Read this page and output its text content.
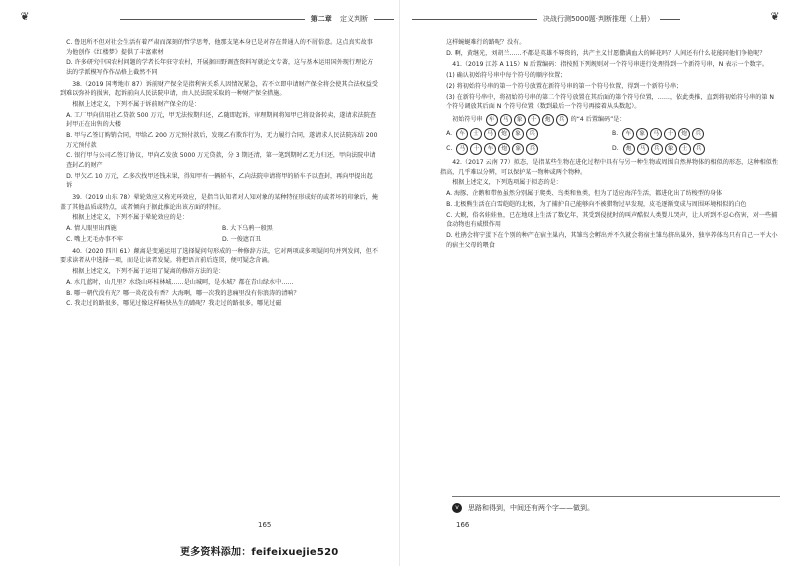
❦	第二章 定义判断
C. 鲁迅所不但对社会生活有着严肃而深刻的哲学思考，他那支笔本身已是对存在普通人的不屑俗意。这点真实故事为他创作《红楼梦》提供了丰富素材
D. 许多研究中国农村问题的学者长年驻守农村，开展据田野调查资料写就论文专著，这与基本运用国外现行理论方法的学派模写作作品格上截然不同
38.（2019 国考地市 87）诉前财产保全是指利害关系人因情况紧急，若不立即申请财产保全将会使其合法权益受到难以弥补的损害，起诉前向人民法院申请，由人民法院采取的一种财产保全措施。
根据上述定义，下列不属于诉前财产保全的是：
A. 工厂甲向信用社乙贷款 500 万元，甲无法按期归还，乙随即起诉，审理期间将知甲已将设备转卖，遂请求法院查封甲正在出售的大楼
B. 甲与乙签订购销合同，甲给乙 200 万元预付款后，发现乙有欺诈行为，无力履行合同，遂请求人民法院冻结 200 万元预付款
C. 银行甲与公司乙签订协议，甲向乙发放 5000 万元贷款，分 3 期还清，第一笔到期时乙无力归还，甲向法院申请查封乙的财产
D. 甲欠乙 10 万元，乙多次找甲还钱未果，得知甲有一辆轿车，乙向法院申请将甲的轿车予以查封，再向甲提出起诉
39.（2019 山东 78）晕轮效应又称光环效应，是指当认知者对人知对象的某种特征形成好的或者坏的印象后，掩盖了其他品质或特点，或者倾向于据此推论出该方面的特征。
根据上述定义，下列不属于晕轮效应的是：
A. 情人眼里出西施	B. 大下乌鸦一般黑
C. 嘴上无毛办事不牢	D. 一俊遮百丑
40.（2020 四川 61）颠离是变通运用了选择疑问句形成的一种修辞方法，它对两项或多项疑问句并列发问，但不要求读者从中选择一项，而是让读者发疑。将把语言前后连贯，便可疑念含诵。
根据上述定义，下列不属于运用了疑离的修辞方法的是：
A. 水几蓝时，山几里？水绕山环桂林城……是山城呵，是水城？都在青山绿水中……
B. 哪一朝代没有光？哪一炎花没有香？大海啊，哪一次我的悲痛里没有你浪涛的清响？
C. 我走过的路很多，哪见过像这样畅快丛生的路呢？我走过的路很多，哪见过磁
165
更多资料添加：feifeixuejie520
决战行测5000题·判断推理（上册）	❦
这样蜿蜒难行的路呢？没有。
D. 啊，黄继光，刘胡兰……不都是英雄不辱资的，共产主义甘愿撒满血大的鲜花吗？人间还有什么花能同他们争艳呢？
41.（2019 江苏 A 115）N 后置编码：指按照下列规则对一个符号串进行处理得到一个新符号串，N 表示一个数字。
(1) 确认初始符号串中每个符号的顺序位置；
(2) 将初始符号串的第一个符号放置在新符号串的第一个符号位置，得到一个新符号串；
(3) 在新符号串中，将初始符号串的第二个符号放置在其后面的第个符号位置，……，依此类推，直到将初始符号串的第 N 个符号调放其后面 N 个符号位置（数到最后一个符号再接着从头数起）。
初始符号串	车	马	象	十	炮	兵	的“4 后置编码”是：
A.	车	士	马	炮	象	兵	B.	车	象	马	十	炮	兵
C.	马	十	车	炮	象	兵	D.	炮	马	兵	象	士	兵
42.（2017 云南 77）拟态，是指某些生物在进化过程中具有与另一种生物或周围自然界物体的相似的形态，这种相似性指高，几乎难以分辨，可以保护某一物种或两个物种。
根据上述定义，下列选项属于拟态的是：
A. 海豚、企鹅和带鱼虽然分别属于爬类、鸟类和鱼类，但为了适应海洋生活，都进化出了纺梭型的身体
B. 北极熊生活在白雪皑皑的北极，为了捕护自己能够向不被猎物过早发现，皮毛逐渐变成与周围环境相似的白色
C. 大鲵，俗名娃娃鱼，已在地球上生活了数亿年，其受到侵扰时的叫声酷似人类婴儿哭声，让人听到不忍心伤害，对一些捕食动物也有威慑作用
D. 杜鹃会将宁蛋下在个别的种产在宿主巢内，其雏鸟会孵出并不久就会将宿主雏鸟挤出巢外，独享养体鸟只有自己一平大小的宿主父母的喂食
166
v	思路和得到，中间还有两个字——做到。
